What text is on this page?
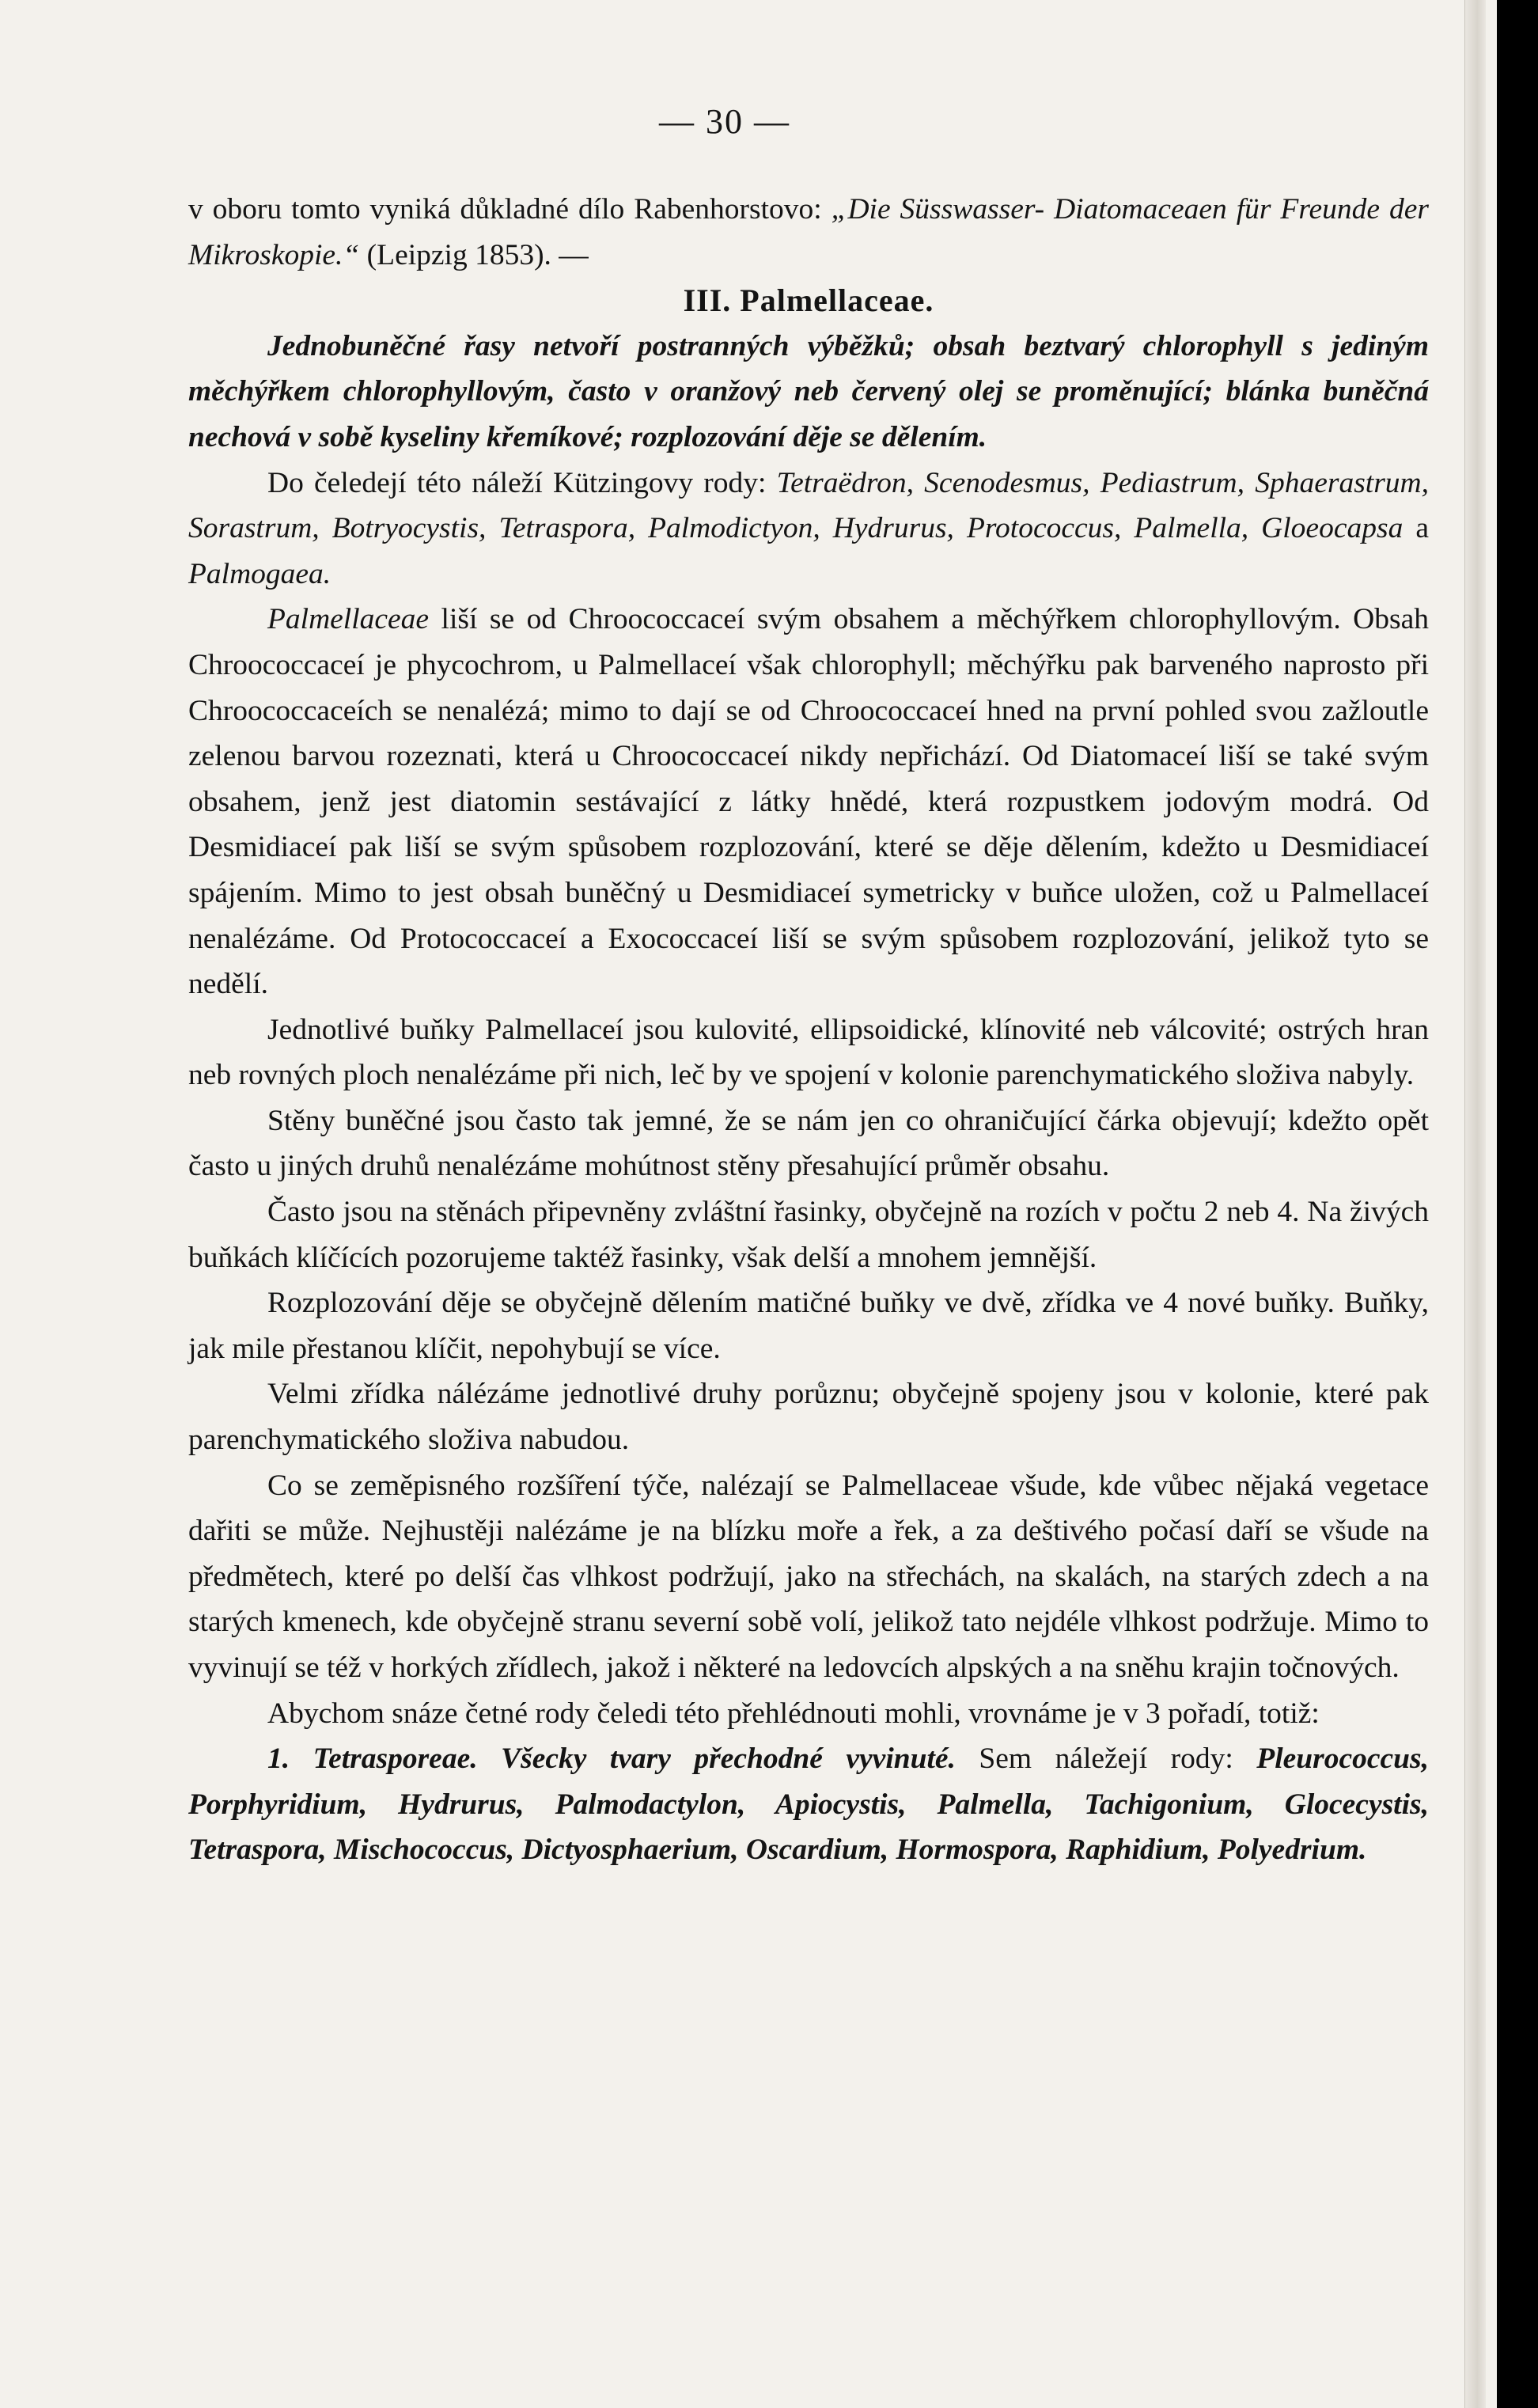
— 30 —

v oboru tomto vyniká důkladné dílo Rabenhorstovo: „Die Süsswasser- Diatomaceaen für Freunde der Mikroskopie.“ (Leipzig 1853). —

III. Palmellaceae.

Jednobuněčné řasy netvoří postranných výběžků; obsah beztvarý chlorophyll s jediným měchýřkem chlorophyllovým, často v oranžový neb červený olej se proměnující; blánka buněčná nechová v sobě kyseliny křemíkové; rozplozování děje se dělením.

Do čeledejí této náleží Kützingovy rody: Tetraëdron, Scenodesmus, Pediastrum, Sphaerastrum, Sorastrum, Botryocystis, Tetraspora, Palmodictyon, Hydrurus, Protococcus, Palmella, Gloeocapsa a Palmogaea.

Palmellaceae liší se od Chroococcaceí svým obsahem a měchýřkem chlorophyllovým. Obsah Chroococcaceí je phycochrom, u Palmellaceí však chlorophyll; měchýřku pak barveného naprosto při Chroococcaceích se nenalézá; mimo to dají se od Chroococcaceí hned na první pohled svou zažloutle zelenou barvou rozeznati, která u Chroococcaceí nikdy nepřichází. Od Diatomaceí liší se také svým obsahem, jenž jest diatomin sestávající z látky hnědé, která rozpustkem jodovým modrá. Od Desmidiaceí pak liší se svým spůsobem rozplozování, které se děje dělením, kdežto u Desmidiaceí spájením. Mimo to jest obsah buněčný u Desmidiaceí symetricky v buňce uložen, což u Palmellaceí nenalézáme. Od Protococcaceí a Exococcaceí liší se svým spůsobem rozplozování, jelikož tyto se nedělí.

Jednotlivé buňky Palmellaceí jsou kulovité, ellipsoidické, klínovité neb válcovité; ostrých hran neb rovných ploch nenalézáme při nich, leč by ve spojení v kolonie parenchymatického složiva nabyly.

Stěny buněčné jsou často tak jemné, že se nám jen co ohraničující čárka objevují; kdežto opět často u jiných druhů nenalézáme mohútnost stěny přesahující průměr obsahu.

Často jsou na stěnách připevněny zvláštní řasinky, obyčejně na rozích v počtu 2 neb 4. Na živých buňkách klíčících pozorujeme taktéž řasinky, však delší a mnohem jemnější.

Rozplozování děje se obyčejně dělením matičné buňky ve dvě, zřídka ve 4 nové buňky. Buňky, jak mile přestanou klíčit, nepohybují se více.

Velmi zřídka nálézáme jednotlivé druhy porůznu; obyčejně spojeny jsou v kolonie, které pak parenchymatického složiva nabudou.

Co se zeměpisného rozšíření týče, nalézají se Palmellaceae všude, kde vůbec nějaká vegetace dařiti se může. Nejhustěji nalézáme je na blízku moře a řek, a za deštivého počasí daří se všude na předmětech, které po delší čas vlhkost podržují, jako na střechách, na skalách, na starých zdech a na starých kmenech, kde obyčejně stranu severní sobě volí, jelikož tato nejdéle vlhkost podržuje. Mimo to vyvinují se též v horkých zřídlech, jakož i některé na ledovcích alpských a na sněhu krajin točnových.

Abychom snáze četné rody čeledi této přehlédnouti mohli, vrovnáme je v 3 pořadí, totiž:

1. Tetrasporeae. Všecky tvary přechodné vyvinuté. Sem náležejí rody: Pleurococcus, Porphyridium, Hydrurus, Palmodactylon, Apiocystis, Palmella, Tachigonium, Glocecystis, Tetraspora, Mischococcus, Dictyosphaerium, Oscardium, Hormospora, Raphidium, Polyedrium.
